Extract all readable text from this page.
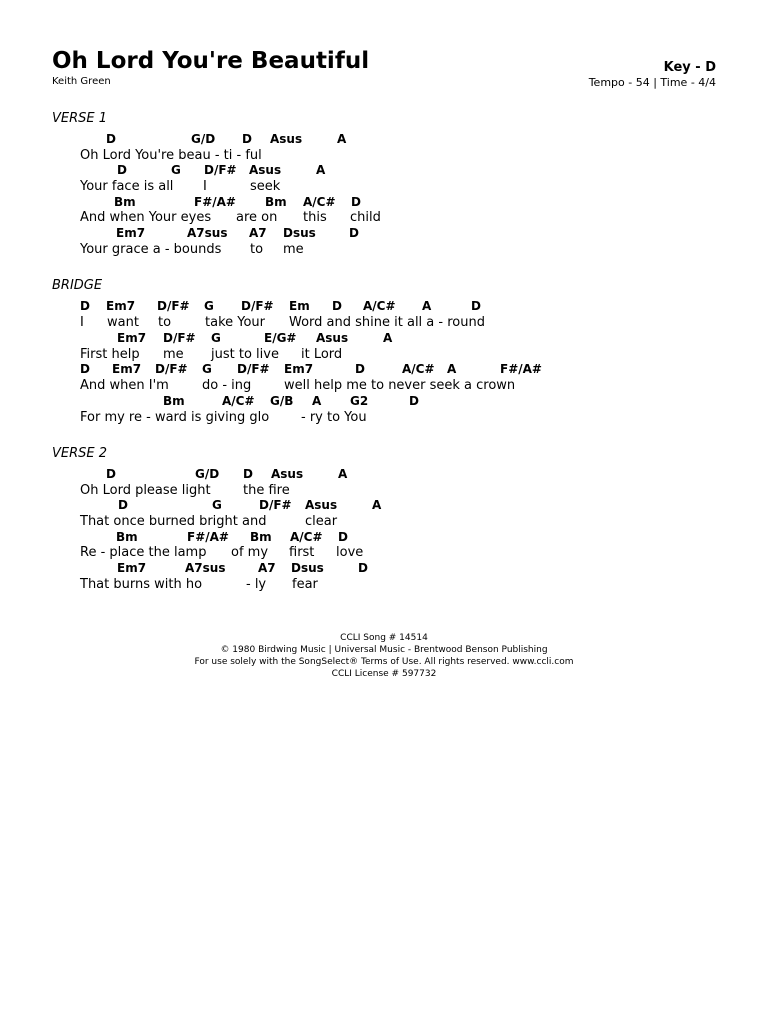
Oh Lord You're Beautiful
Keith Green
Key - D
Tempo - 54 | Time - 4/4
VERSE 1
D	G/D D Asus	A
Oh Lord You're beau - ti - ful
D	G D/F# Asus	A
Your face is all I	seek
Bm	F#/A# Bm A/C# D
And when Your eyes are on this child
Em7	A7sus A7 Dsus	D
Your grace a - bounds to me
BRIDGE
D Em7 D/F# G D/F# Em D A/C# A	D
I want to	take Your Word and shine it all a - round
Em7 D/F# G	E/G# Asus	A
First help me just to live it Lord
D Em7 D/F# G D/F# Em7	D	A/C# A	F#/A#
And when I'm	do - ing	well help me to never seek a crown
Bm	A/C# G/B A G2	D
For my re - ward is giving glo - ry to You
VERSE 2
D	G/D D Asus	A
Oh Lord please light the fire
D	G	D/F# Asus	A
That once burned bright and	clear
Bm	F#/A# Bm A/C# D
Re - place the lamp of my first love
Em7	A7sus	A7 Dsus	D
That burns with ho	- ly fear
CCLI Song # 14514
© 1980 Birdwing Music | Universal Music - Brentwood Benson Publishing
For use solely with the SongSelect® Terms of Use. All rights reserved. www.ccli.com
CCLI License # 597732
